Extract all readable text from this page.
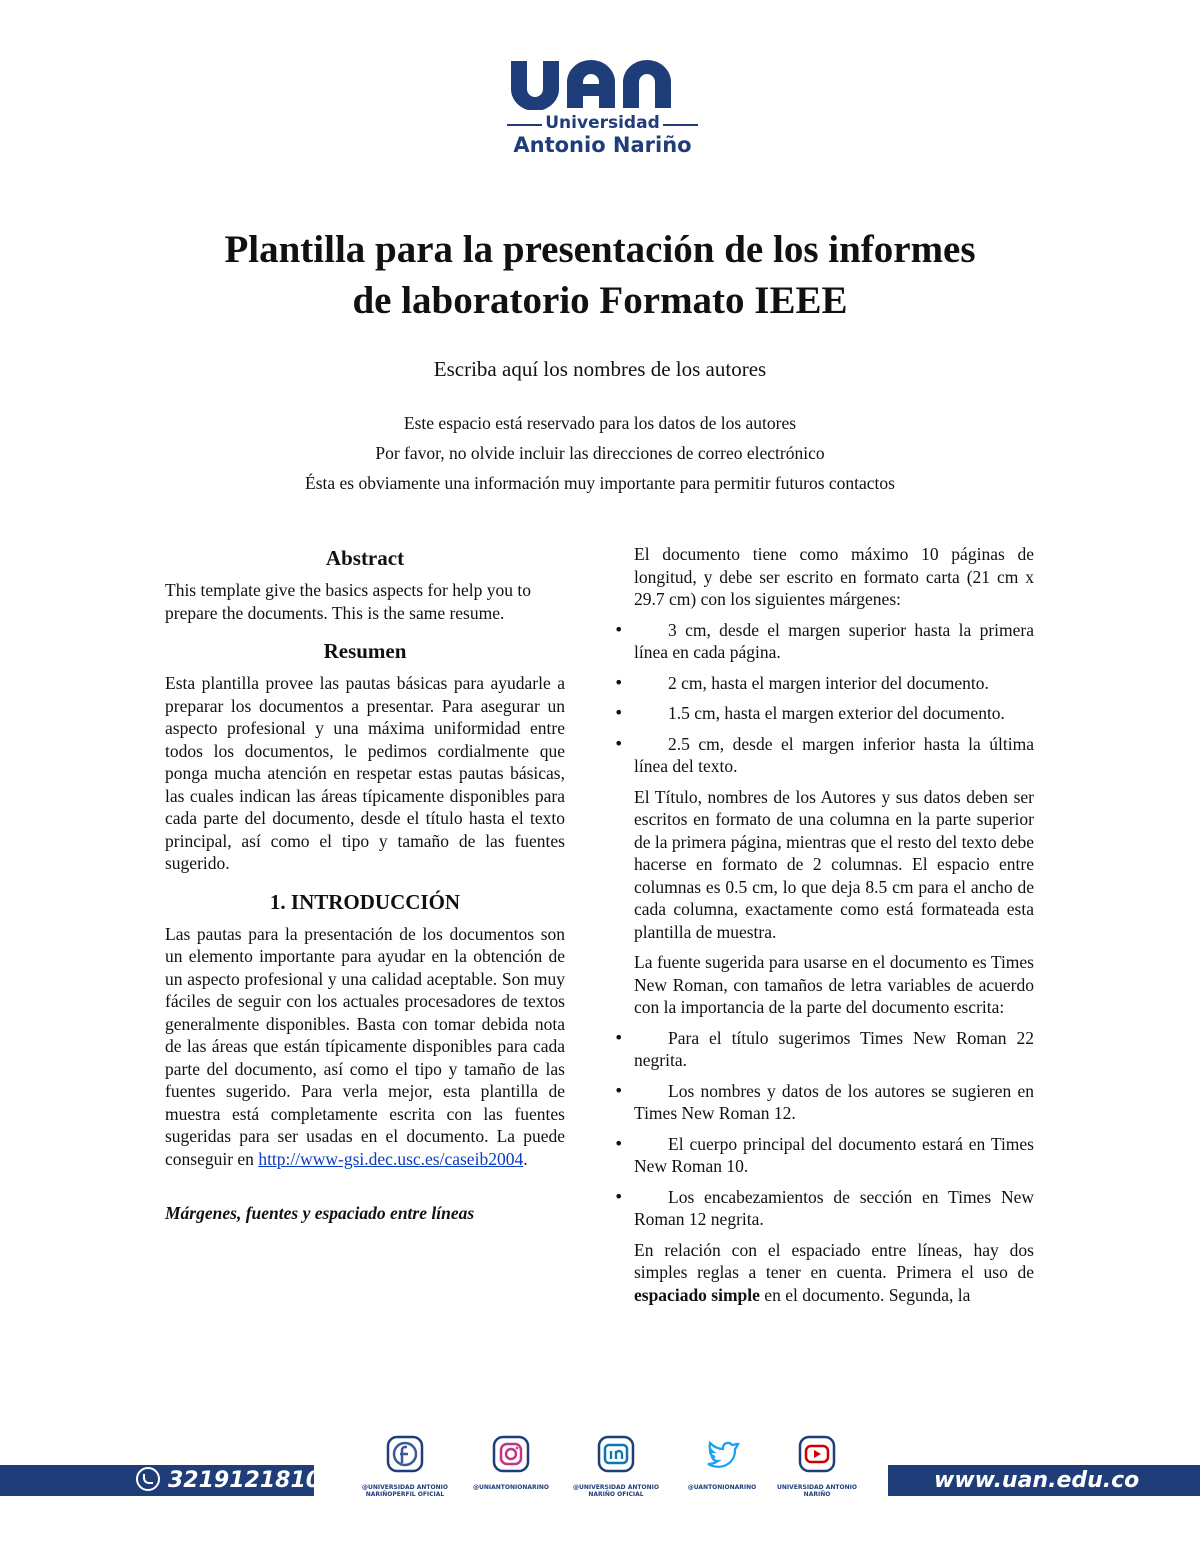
Universidad
Antonio Nariño
Plantilla para la presentación de los informes
de laboratorio Formato IEEE
Escriba aquí los nombres de los autores
Este espacio está reservado para los datos de los autores
Por favor, no olvide incluir las direcciones de correo electrónico
Ésta es obviamente una información muy importante para permitir futuros contactos
Abstract

This template give the basics aspects for help you to prepare the documents. This is the same resume.

Resumen

Esta plantilla provee las pautas básicas para ayudarle a preparar los documentos a presentar. Para asegurar un aspecto profesional y una máxima uniformidad entre todos los documentos, le pedimos cordialmente que ponga mucha atención en respetar estas pautas básicas, las cuales indican las áreas típicamente disponibles para cada parte del documento, desde el título hasta el texto principal, así como el tipo y tamaño de las fuentes sugerido.

1. INTRODUCCIÓN

Las pautas para la presentación de los documentos son un elemento importante para ayudar en la obtención de un aspecto profesional y una calidad aceptable. Son muy fáciles de seguir con los actuales procesadores de textos generalmente disponibles. Basta con tomar debida nota de las áreas que están típicamente disponibles para cada parte del documento, así como el tipo y tamaño de las fuentes sugerido. Para verla mejor, esta plantilla de muestra está completamente escrita con las fuentes sugeridas para ser usadas en el documento. La puede conseguir en http://www-gsi.dec.usc.es/caseib2004.

Márgenes, fuentes y espaciado entre líneas

El documento tiene como máximo 10 páginas de longitud, y debe ser escrito en formato carta (21 cm x 29.7 cm) con los siguientes márgenes:

• 3 cm, desde el margen superior hasta la primera línea en cada página.
• 2 cm, hasta el margen interior del documento.
• 1.5 cm, hasta el margen exterior del documento.
• 2.5 cm, desde el margen inferior hasta la última línea del texto.

El Título, nombres de los Autores y sus datos deben ser escritos en formato de una columna en la parte superior de la primera página, mientras que el resto del texto debe hacerse en formato de 2 columnas. El espacio entre columnas es 0.5 cm, lo que deja 8.5 cm para el ancho de cada columna, exactamente como está formateada esta plantilla de muestra.

La fuente sugerida para usarse en el documento es Times New Roman, con tamaños de letra variables de acuerdo con la importancia de la parte del documento escrita:

• Para el título sugerimos Times New Roman 22 negrita.
• Los nombres y datos de los autores se sugieren en Times New Roman 12.
• El cuerpo principal del documento estará en Times New Roman 10.
• Los encabezamientos de sección en Times New Roman 12 negrita.

En relación con el espaciado entre líneas, hay dos simples reglas a tener en cuenta. Primera el uso de espaciado simple en el documento. Segunda, la

3219121810	www.uan.edu.co
@UNIVERSIDAD ANTONIO NARIÑOPERFIL OFICIAL
@UNIANTONIONARINO	@UNIVERSIDAD ANTONIO NARIÑO OFICIAL
@UANTONIONARINO	UNIVERSIDAD ANTONIO NARIÑO
